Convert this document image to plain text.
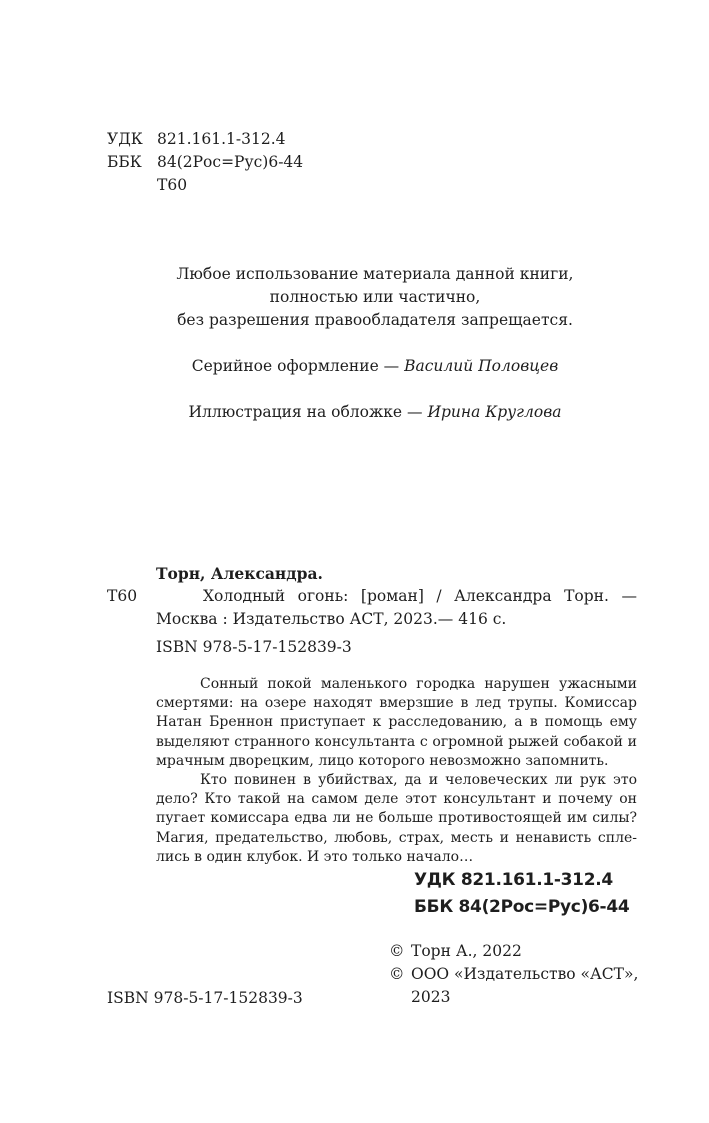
УДК 821.161.1-312.4
ББК 84(2Рос=Рус)6-44
Т60
Любое использование материала данной книги,
полностью или частично,
без разрешения правообладателя запрещается.
Серийное оформление — Василий Половцев
Иллюстрация на обложке — Ирина Круглова
Торн, Александра.
Т60	Холодный огонь: [роман] / Александра Торн. —
Москва : Издательство АСТ, 2023.— 416 с.
ISBN 978-5-17-152839-3

Сонный покой маленького городка нарушен ужасными смертями: на озере находят вмерзшие в лед трупы. Комиссар Натан Бреннон приступает к расследованию, а в помощь ему выделяют странного консультанта с огромной рыжей собакой и мрачным дворецким, лицо которого невозможно запомнить.

Кто повинен в убийствах, да и человеческих ли рук это дело? Кто такой на самом деле этот консультант и почему он пугает комиссара едва ли не больше противостоящей им силы? Магия, предательство, любовь, страх, месть и ненависть спле-лись в один клубок. И это только начало…

УДК 821.161.1-312.4
ББК 84(2Рос=Рус)6-44
© Торн А., 2022
© ООО «Издательство «АСТ»,
2023
ISBN 978-5-17-152839-3
